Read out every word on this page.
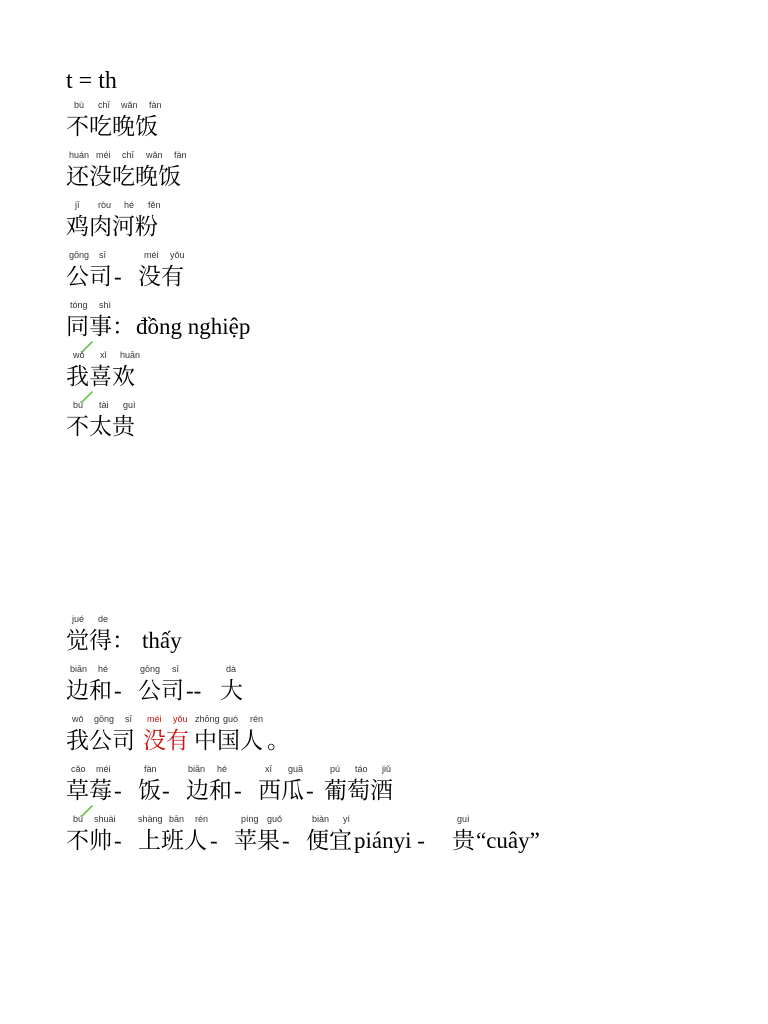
t = th
bù chī wǎn fàn
不吃晚饭
huán méi chī wǎn fàn
还没吃晚饭
jī ròu hé fěn
鸡肉河粉
gōng sī	méi yǒu
公司 - 没有
tóng shì
同事： đồng nghiệp
wǒ xǐ huān
我喜欢
bú tài guì
不太贵
jué de
觉得： thấy
biān hé	gōng sī	dà
边和 - 公司 -- 大
wǒ gōng sī méi yǒu zhōng guó rén
我公司 没有 中国人 。
cǎo méi	fàn	biān hé	xī guā	pú táo jiǔ
草莓 - 饭 - 边和 - 西瓜 - 葡萄酒
bú shuài shàng bān rén	píng guǒ	biàn yí	guì
不帅 - 上班人 - 苹果 - 便宜 piányi - 贵 “cuây”
